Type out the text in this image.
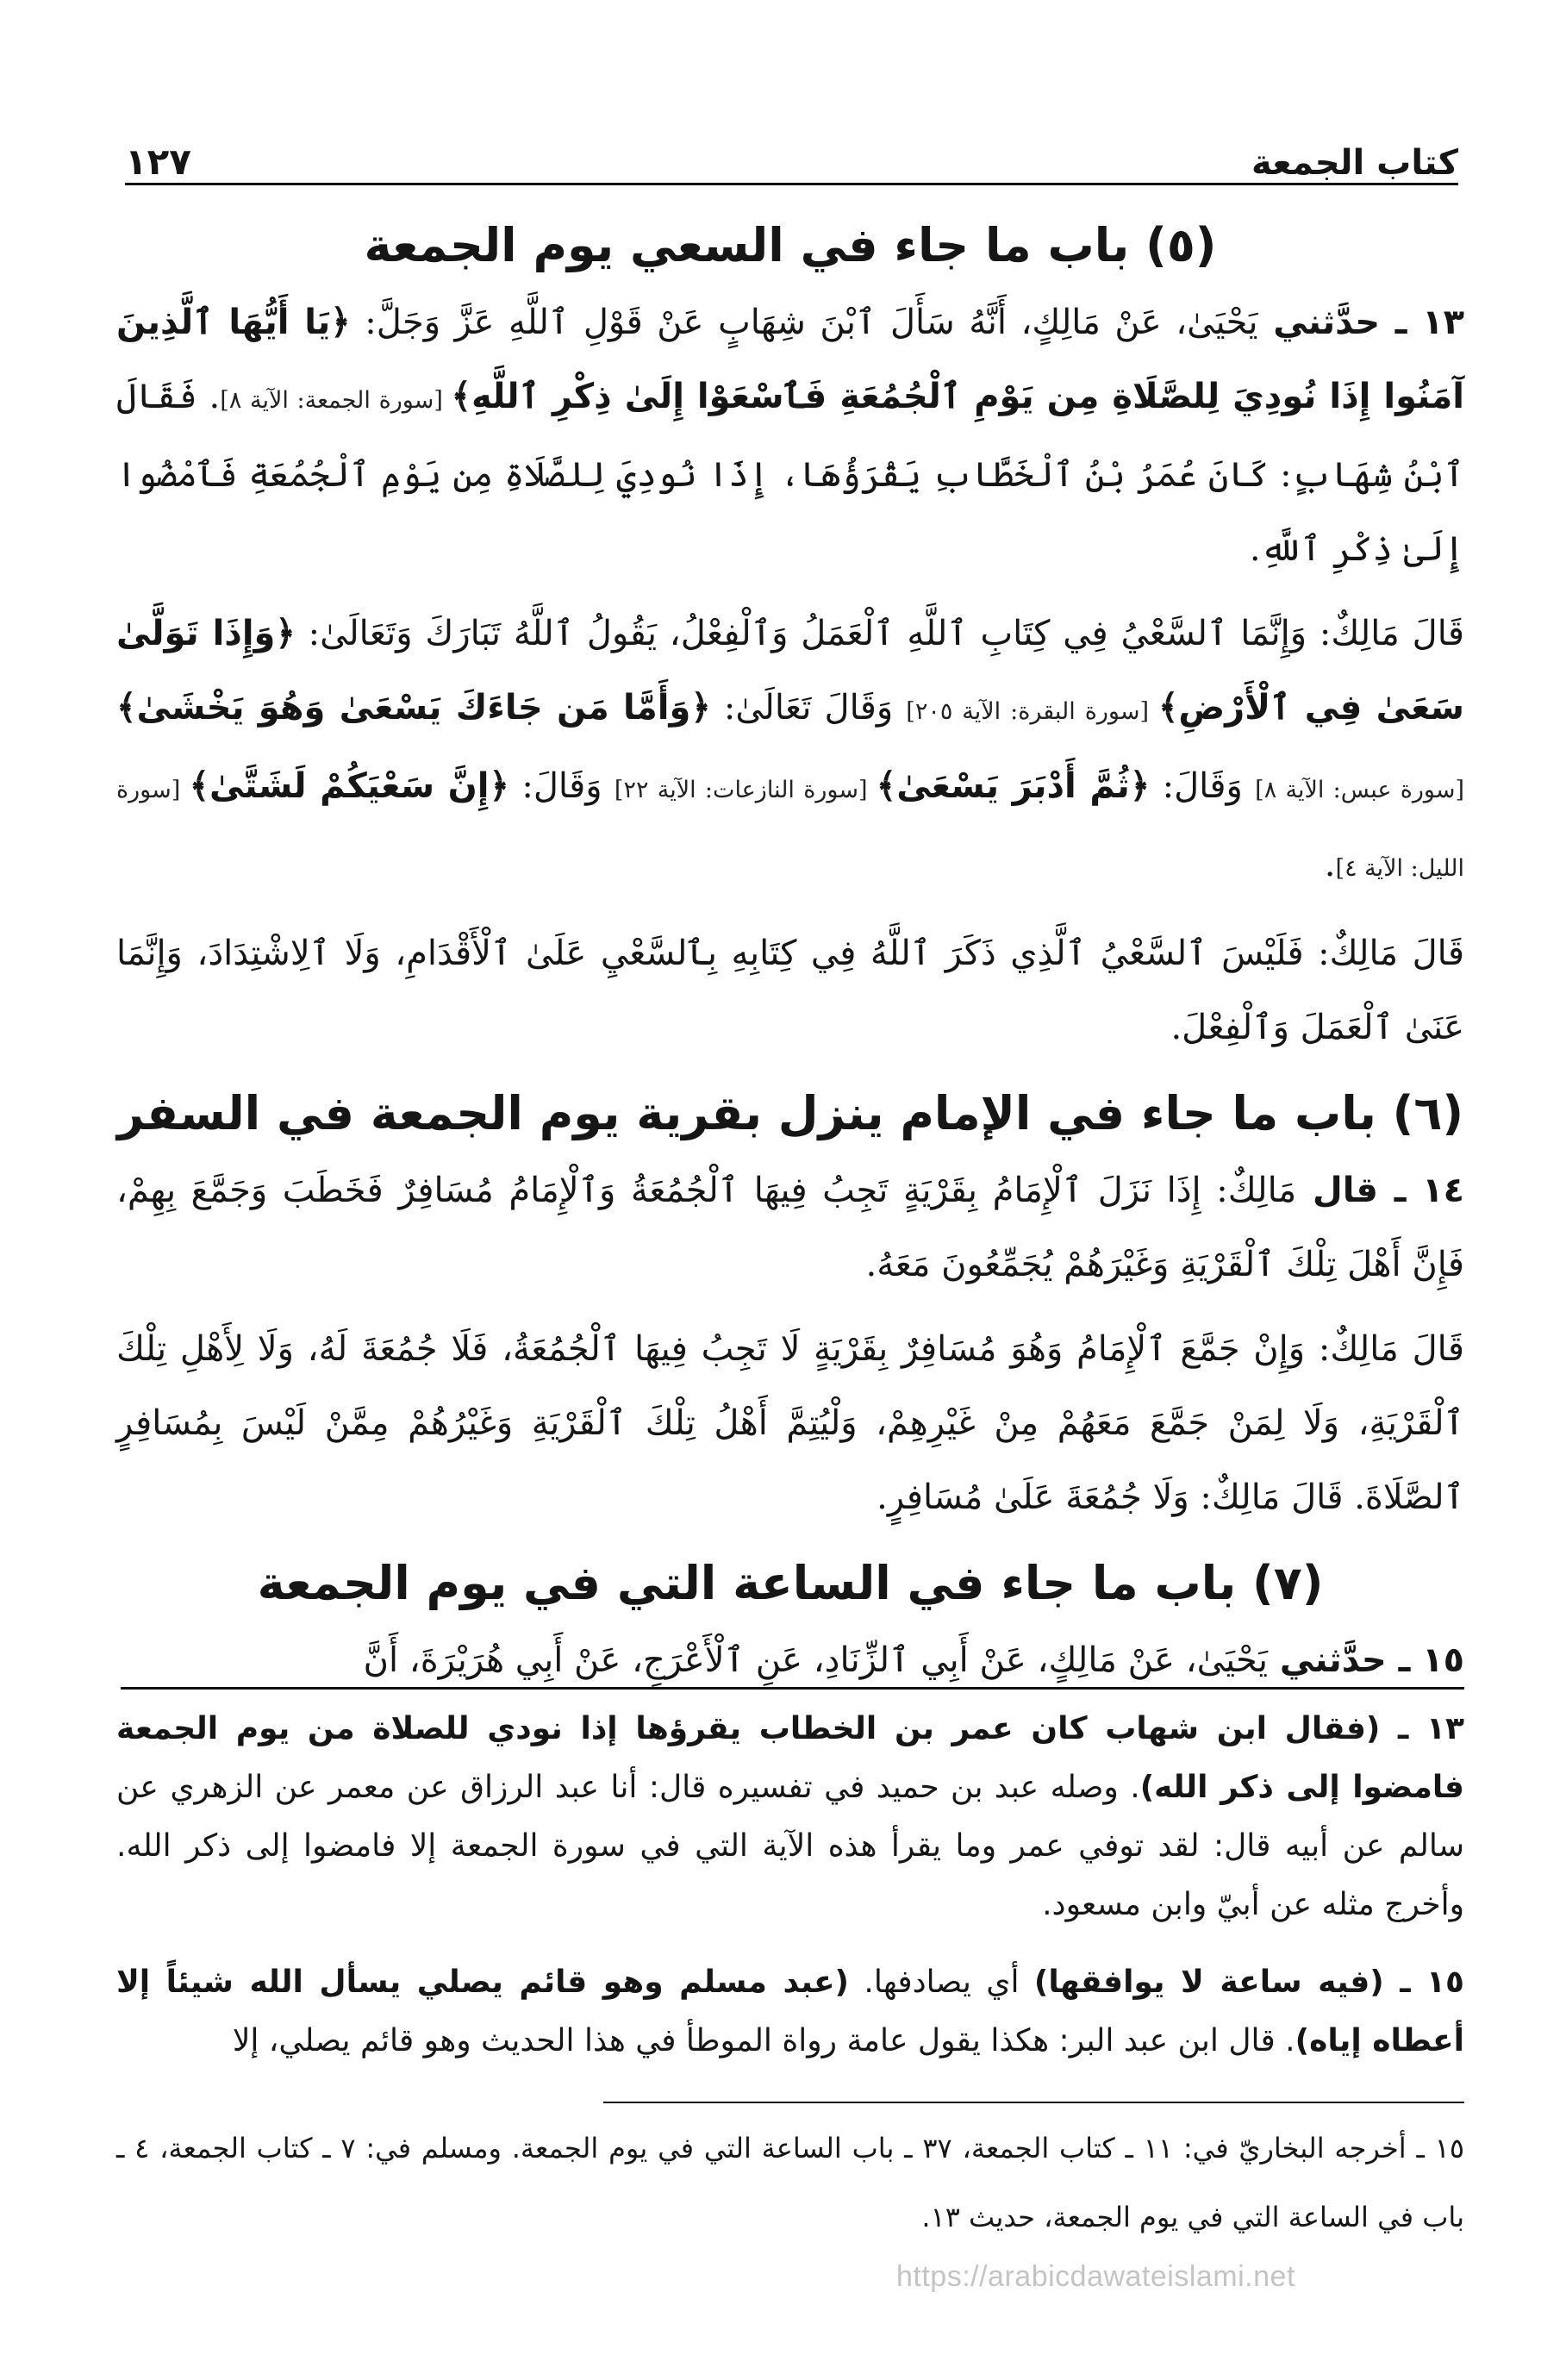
كتاب الجمعة
١٢٧
(٥) باب ما جاء في السعي يوم الجمعة
١٣ ـ حدَّثني يَحْيَىٰ، عَنْ مَالِكٍ، أَنَّهُ سَأَلَ ٱبْنَ شِهَابٍ عَنْ قَوْلِ ٱللَّهِ عَزَّ وَجَلَّ: ﴿يَا أَيُّهَا ٱلَّذِينَ آمَنُوا إِذَا نُودِيَ لِلصَّلَاةِ مِن يَوْمِ ٱلْجُمُعَةِ فَٱسْعَوْا إِلَىٰ ذِكْرِ ٱللَّهِ﴾ [سورة الجمعة: الآية ٨]. فَقَالَ ٱبْنُ شِهَابٍ: كَانَ عُمَرُ بْنُ ٱلْخَطَّابِ يَقْرَؤُهَا، إِذَا نُودِيَ لِلصَّلَاةِ مِن يَوْمِ ٱلْجُمُعَةِ فَٱمْضُوا إِلَىٰ ذِكْرِ ٱللَّهِ.
قَالَ مَالِكٌ: وَإِنَّمَا ٱلسَّعْيُ فِي كِتَابِ ٱللَّهِ ٱلْعَمَلُ وَٱلْفِعْلُ، يَقُولُ ٱللَّهُ تَبَارَكَ وَتَعَالَىٰ: ﴿وَإِذَا تَوَلَّىٰ سَعَىٰ فِي ٱلْأَرْضِ﴾ [سورة البقرة: الآية ٢٠٥] وَقَالَ تَعَالَىٰ: ﴿وَأَمَّا مَن جَاءَكَ يَسْعَىٰ وَهُوَ يَخْشَىٰ﴾ [سورة عبس: الآية ٨] وَقَالَ: ﴿ثُمَّ أَدْبَرَ يَسْعَىٰ﴾ [سورة النازعات: الآية ٢٢] وَقَالَ: ﴿إِنَّ سَعْيَكُمْ لَشَتَّىٰ﴾ [سورة الليل: الآية ٤].
قَالَ مَالِكٌ: فَلَيْسَ ٱلسَّعْيُ ٱلَّذِي ذَكَرَ ٱللَّهُ فِي كِتَابِهِ بِٱلسَّعْيِ عَلَىٰ ٱلْأَقْدَامِ، وَلَا ٱلِاشْتِدَادَ، وَإِنَّمَا عَنَىٰ ٱلْعَمَلَ وَٱلْفِعْلَ.
(٦) باب ما جاء في الإمام ينزل بقرية يوم الجمعة في السفر
١٤ ـ قال مَالِكٌ: إِذَا نَزَلَ ٱلْإِمَامُ بِقَرْيَةٍ تَجِبُ فِيهَا ٱلْجُمُعَةُ وَٱلْإِمَامُ مُسَافِرٌ فَخَطَبَ وَجَمَّعَ بِهِمْ، فَإِنَّ أَهْلَ تِلْكَ ٱلْقَرْيَةِ وَغَيْرَهُمْ يُجَمِّعُونَ مَعَهُ.
قَالَ مَالِكٌ: وَإِنْ جَمَّعَ ٱلْإِمَامُ وَهُوَ مُسَافِرٌ بِقَرْيَةٍ لَا تَجِبُ فِيهَا ٱلْجُمُعَةُ، فَلَا جُمُعَةَ لَهُ، وَلَا لِأَهْلِ تِلْكَ ٱلْقَرْيَةِ، وَلَا لِمَنْ جَمَّعَ مَعَهُمْ مِنْ غَيْرِهِمْ، وَلْيُتِمَّ أَهْلُ تِلْكَ ٱلْقَرْيَةِ وَغَيْرُهُمْ مِمَّنْ لَيْسَ بِمُسَافِرٍ ٱلصَّلَاةَ. قَالَ مَالِكٌ: وَلَا جُمُعَةَ عَلَىٰ مُسَافِرٍ.
(٧) باب ما جاء في الساعة التي في يوم الجمعة
١٥ ـ حدَّثني يَحْيَىٰ، عَنْ مَالِكٍ، عَنْ أَبِي ٱلزِّنَادِ، عَنِ ٱلْأَعْرَجِ، عَنْ أَبِي هُرَيْرَةَ، أَنَّ
١٣ ـ (فقال ابن شهاب كان عمر بن الخطاب يقرؤها إذا نودي للصلاة من يوم الجمعة فامضوا إلى ذكر الله). وصله عبد بن حميد في تفسيره قال: أنا عبد الرزاق عن معمر عن الزهري عن سالم عن أبيه قال: لقد توفي عمر وما يقرأ هذه الآية التي في سورة الجمعة إلا فامضوا إلى ذكر الله. وأخرج مثله عن أبيّ وابن مسعود.
١٥ ـ (فيه ساعة لا يوافقها) أي يصادفها. (عبد مسلم وهو قائم يصلي يسأل الله شيئاً إلا أعطاه إياه). قال ابن عبد البر: هكذا يقول عامة رواة الموطأ في هذا الحديث وهو قائم يصلي، إلا
١٥ ـ أخرجه البخاريّ في: ١١ ـ كتاب الجمعة، ٣٧ ـ باب الساعة التي في يوم الجمعة. ومسلم في: ٧ ـ كتاب الجمعة، ٤ ـ باب في الساعة التي في يوم الجمعة، حديث ١٣.
https://arabicdawateislami.net
